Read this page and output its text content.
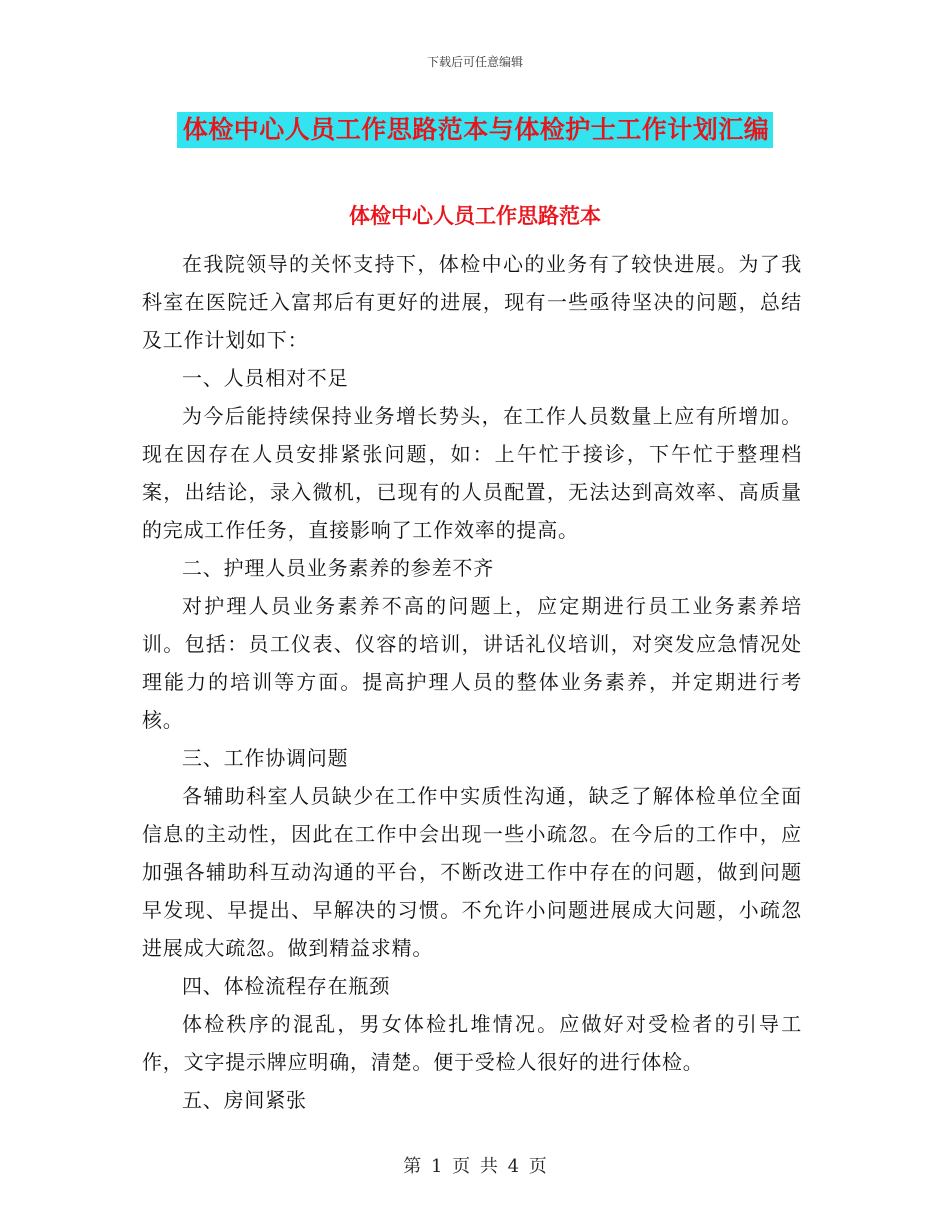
下载后可任意编辑
体检中心人员工作思路范本与体检护士工作计划汇编
体检中心人员工作思路范本

在我院领导的关怀支持下，体检中心的业务有了较快进展。为了我科室在医院迁入富邦后有更好的进展，现有一些亟待坚决的问题，总结及工作计划如下：

一、人员相对不足

为今后能持续保持业务增长势头，在工作人员数量上应有所增加。现在因存在人员安排紧张问题，如：上午忙于接诊，下午忙于整理档案，出结论，录入微机，已现有的人员配置，无法达到高效率、高质量的完成工作任务，直接影响了工作效率的提高。

二、护理人员业务素养的参差不齐

对护理人员业务素养不高的问题上，应定期进行员工业务素养培训。包括：员工仪表、仪容的培训，讲话礼仪培训，对突发应急情况处理能力的培训等方面。提高护理人员的整体业务素养，并定期进行考核。

三、工作协调问题

各辅助科室人员缺少在工作中实质性沟通，缺乏了解体检单位全面信息的主动性，因此在工作中会出现一些小疏忽。在今后的工作中，应加强各辅助科互动沟通的平台，不断改进工作中存在的问题，做到问题早发现、早提出、早解决的习惯。不允许小问题进展成大问题，小疏忽进展成大疏忽。做到精益求精。

四、体检流程存在瓶颈

体检秩序的混乱，男女体检扎堆情况。应做好对受检者的引导工作，文字提示牌应明确，清楚。便于受检人很好的进行体检。

五、房间紧张

第 1 页 共 4 页
